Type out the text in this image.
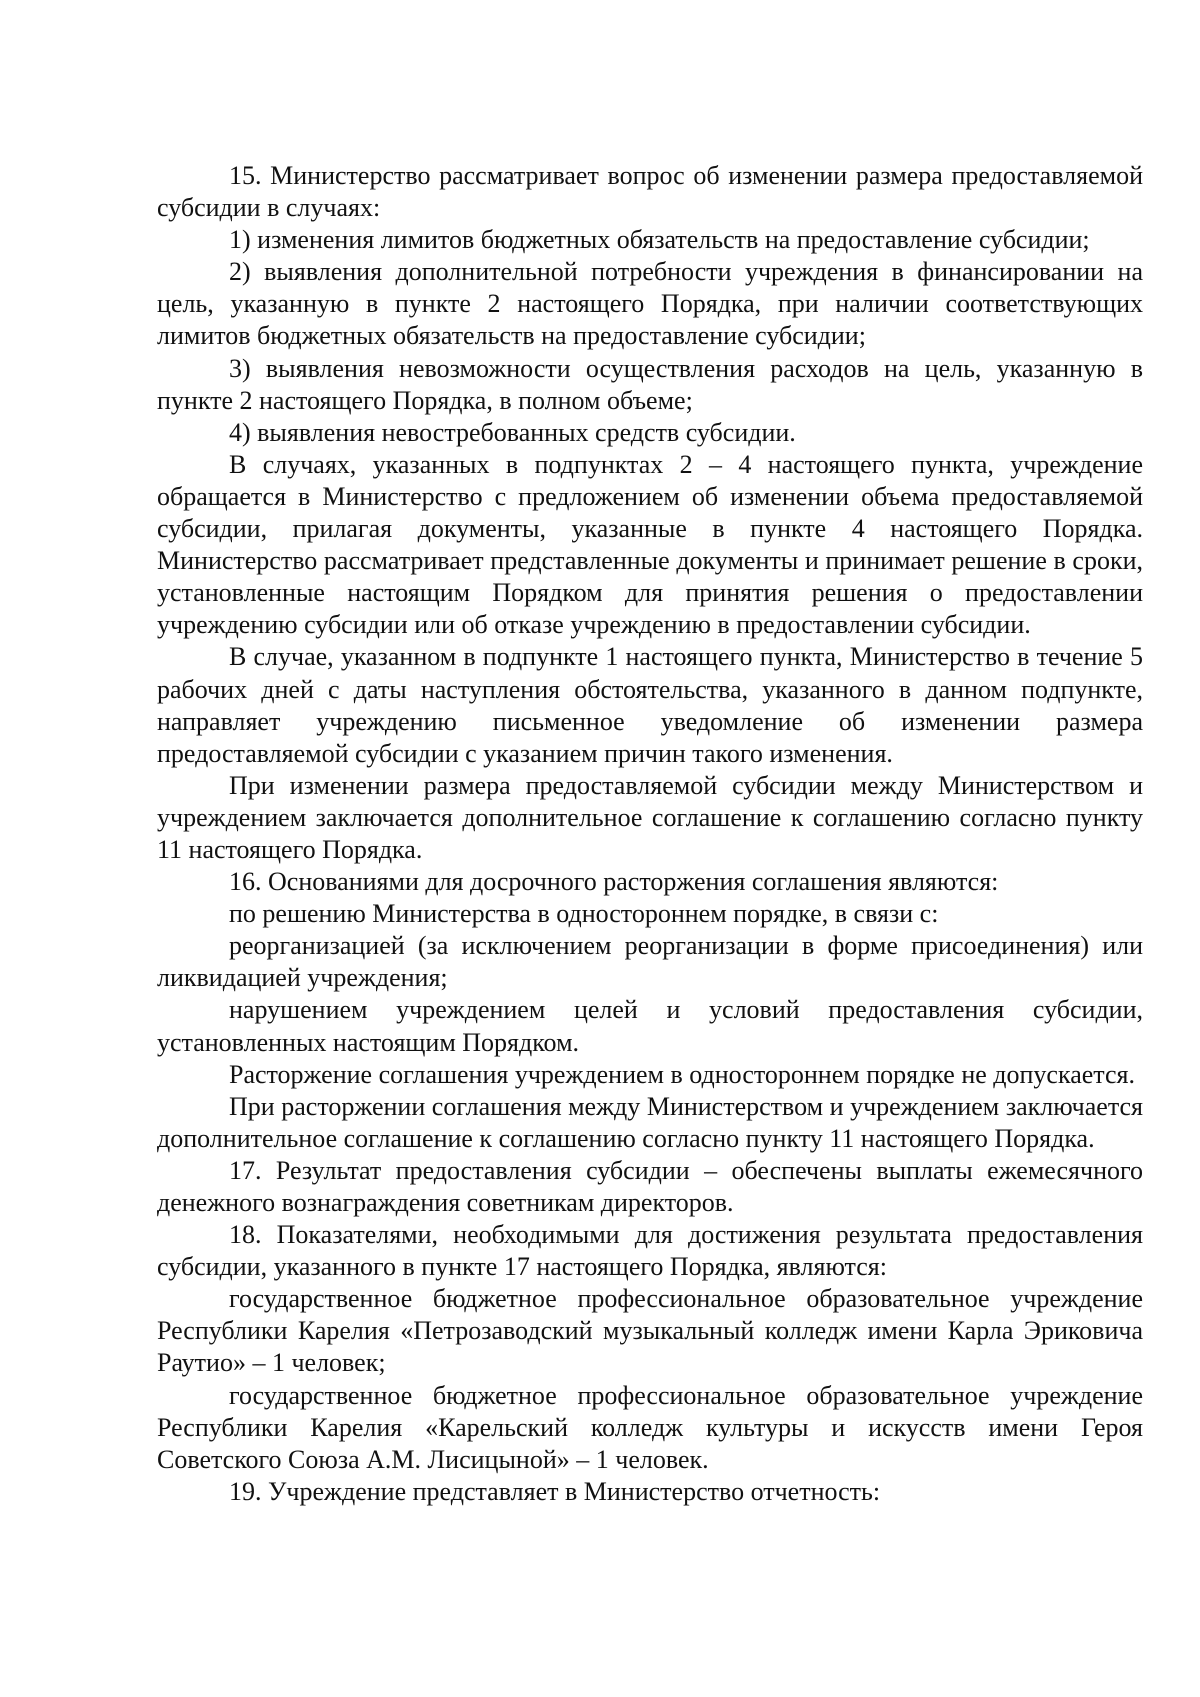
15. Министерство рассматривает вопрос об изменении размера предоставляемой субсидии в случаях:

1) изменения лимитов бюджетных обязательств на предоставление субсидии;

2) выявления дополнительной потребности учреждения в финансировании на цель, указанную в пункте 2 настоящего Порядка, при наличии соответствующих лимитов бюджетных обязательств на предоставление субсидии;

3) выявления невозможности осуществления расходов на цель, указанную в пункте 2 настоящего Порядка, в полном объеме;

4) выявления невостребованных средств субсидии.

В случаях, указанных в подпунктах 2 – 4 настоящего пункта, учреждение обращается в Министерство с предложением об изменении объема предоставляемой субсидии, прилагая документы, указанные в пункте 4 настоящего Порядка. Министерство рассматривает представленные документы и принимает решение в сроки, установленные настоящим Порядком для принятия решения о предоставлении учреждению субсидии или об отказе учреждению в предоставлении субсидии.

В случае, указанном в подпункте 1 настоящего пункта, Министерство в течение 5 рабочих дней с даты наступления обстоятельства, указанного в данном подпункте, направляет учреждению письменное уведомление об изменении размера предоставляемой субсидии с указанием причин такого изменения.

При изменении размера предоставляемой субсидии между Министерством и учреждением заключается дополнительное соглашение к соглашению согласно пункту 11 настоящего Порядка.

16. Основаниями для досрочного расторжения соглашения являются:

по решению Министерства в одностороннем порядке, в связи с:

реорганизацией (за исключением реорганизации в форме присоединения) или ликвидацией учреждения;

нарушением учреждением целей и условий предоставления субсидии, установленных настоящим Порядком.

Расторжение соглашения учреждением в одностороннем порядке не допускается.

При расторжении соглашения между Министерством и учреждением заключается дополнительное соглашение к соглашению согласно пункту 11 настоящего Порядка.

17. Результат предоставления субсидии – обеспечены выплаты ежемесячного денежного вознаграждения советникам директоров.

18. Показателями, необходимыми для достижения результата предоставления субсидии, указанного в пункте 17 настоящего Порядка, являются:

государственное бюджетное профессиональное образовательное учреждение Республики Карелия «Петрозаводский музыкальный колледж имени Карла Эриковича Раутио» – 1 человек;

государственное бюджетное профессиональное образовательное учреждение Республики Карелия «Карельский колледж культуры и искусств имени Героя Советского Союза А.М. Лисицыной» – 1 человек.

19. Учреждение представляет в Министерство отчетность:
